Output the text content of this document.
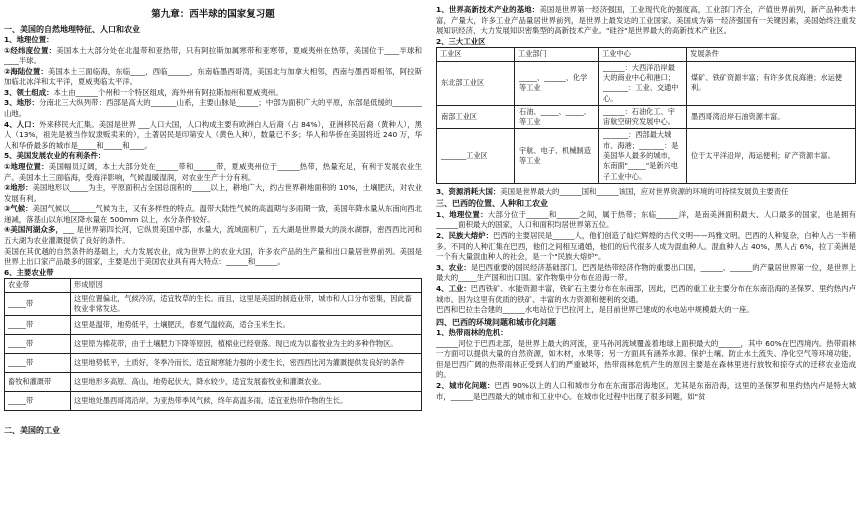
第九章：西半球的国家复习题
一、美国的自然地理特征、人口和农业
1、地理位置：
①经纬度位置：美国本土大部分处在北温带和亚热带，只有阿拉斯加属寒带和亚寒带，夏威夷州在热带，美国位于____半球和____半球。
②海陆位置：美国本土三面临海，东临____，西临______，东南临墨西哥湾，美国北与加拿大相邻，西南与墨西哥相邻，阿拉斯加临北冰洋和太平洋，夏威夷临太平洋。
3、领土组成：本土由______个州和一个特区组成，海外州有阿拉斯加州和夏威夷州。
3、地形：分南北三大纵列带：西部是高大的_______山系，主要山脉是______；中部为面积广大的平原，东部是低缓的________山地。
4、人口：外来移民大汇集。美国是世界 ___人口大国，人口构成主要有欧洲白人后裔（占 84%），亚洲移民后裔（黄种人），黑人（13%，祖先是被当作奴隶贩卖来的），土著居民是印第安人（黄色人种），数量已不多；华人和华侨在美国将近 240 万，华人和华侨最多的城市是_____和_____和____。
5、美国发展农业的有利条件：
①地理位置：美国幅员辽阔，本土大部分处在______带和______带，夏威夷州位于______热带，热量充足，有利于发展农业生产。美国本土三面临海，受海洋影响，气候温暖湿润，对农业生产十分有利。
②地形：美国地形以_____为主，平原面积占全国总面积的_____以上，耕地广大，约占世界耕地面积的 10%，土壤肥沃，对农业发展有利。
③气候：美国气候以_______气候为主，又有多样性的特点。温带大陆性气候的高温期与多雨期一致，美国年降水量从东南向西北递减，落基山以东地区降水量在 500mm 以上，水分条件较好。
④美国河湖众多，___ 是世界第四长河，它纵贯美国中部，水量大，流域面积广，五大湖是世界最大的淡水湖群，密西西比河和五大湖为农业灌溉提供了良好的条件。
美国在其优越的自然条件的基础上，大力发展农业，成为世界上的农业大国，许多农产品的生产量和出口量居世界前列。美国是世界上出口家产品最多的国家，主要是出于美国农业具有再大特点：______和______。
6、主要农业带
农业带	形成原因
_____带	这里位置偏北，气候冷凉，适宜牧草的生长。而且，这里是美国的制造业带，城市和人口分布密集，因此畜牧业非常发达。
_____带	这里是温带，地势低平，土壤肥沃，春夏气温较高，适合玉米生长。
_____带	这里原为棉花带，由于土壤肥力下降等原因，植棉业已经衰落。现已成为以畜牧业为主的多种作物区。
_____带	这里地势低平，土质好，冬季冷而长，适宜耐寒能力强的小麦生长，密西西比河为灌溉提供发良好的条件
畜牧和灌溉带	这里地形多高原、高山，地势起伏大，降水较少，适宜发展畜牧业和灌溉农业。
_____带	这里地处墨西哥湾沿岸，为亚热带季风气候，终年高温多雨，适宜亚热带作物的生长。
二、美国的工业
1、世界高新技术产业的基地：美国是世界第一经济强国，工业现代化的强度高，工业部门齐全，产值世界前列，新产品种类丰富，产量大，许多工业产品量居世界前列，是世界上最发达的工业国家。美国成为第一经济强国有一关键因素，美国始终注重发展知识经济，大力发展知识密集型的高新技术产业。"硅谷"是世界最大的高新技术产业区。
2、三大工业区
工业区	工业部门	工业中心	发展条件
东北部工业区	_____、______、化学等工业	______：大西洋沿岸最大的商业中心和港口；_______：工业、交通中心。	煤矿、铁矿资源丰富；有许多优良海港；水运便利。
南部工业区	石油、_____、_____、等工业	______：石油化工、宇宙航空研究发展中心。	墨西哥湾沿岸石油资源丰富。
_______工业区	宇航、电子、机械制造等工业	_______：西部最大城市、海港；_______：是美国华人最多的城市，东南面"_____"是新兴电子工业中心。	位于太平洋沿岸，海运便利；矿产资源丰富。
3、资源消耗大国：美国是世界最大的______国和______该国，应对世界资源的环境的可持续发展负主要责任
三、巴西的位置、人种和工农业
1、地理位置：大部分位于______和______之间，属于热带；东临______洋，是南美洲面积最大、人口最多的国家，也是拥有______面积最大的国家，人口和面积均居世界第五位。
2、民族大熔炉：巴西的主要居民是______人，他们创造了灿烂辉煌的古代文明——玛雅文明。巴西的人种复杂，白种人占一半稍多。不同的人种汇集在巴西，他们之间相互通婚，他们的后代很多人成为混血种人。混血种人占 40%，黑人占 6%，拉丁美洲是一个有大量混血种人的社会，是一个"民族大熔炉"。
3、农业：是巴西重要的国民经济基础部门。巴西是热带经济作物的重要出口国，______、______的产量居世界第一位，是世界上最大的_____生产国和出口国。家作物集中分布在沿海一带。
4、工业：巴西铁矿、水能资源丰富，铁矿石主要分布在东南部，因此，巴西的重工业主要分布在东南沿海的圣保罗、里约热内卢城市。因为这里有优质的铁矿、丰富的水力资源和便利的交通。
巴西和巴拉圭合建的______水电站位于巴拉河上，是目前世界已建成的水电站中规模最大的一座。
四、巴西的环境问题和城市化问题
1、热带雨林的危机：
______河位于巴西北部，是世界上最大的河流，亚马孙河流域覆盖着地球上面积最大的______，其中 60%在巴西境内。热带雨林一方面可以提供大量的自然资源，如木材，水果等；另一方面具有涵养水源、保护土壤、防止水土流失、净化空气等环境功能。但是巴西广阔的热带雨林正受到人们的严重破坏，热带雨林危机产生的原因主要是在森林里进行放牧和掠夺式的迁移农业造成的。
2、城市化问题：巴西 90%以上的人口和城市分布在东南部沿海地区，尤其是东南沿海，这里的圣保罗和里约热内卢是特大城市，______是巴西最大的城市和工业中心。在城市化过程中出现了很多问题，如"贫
